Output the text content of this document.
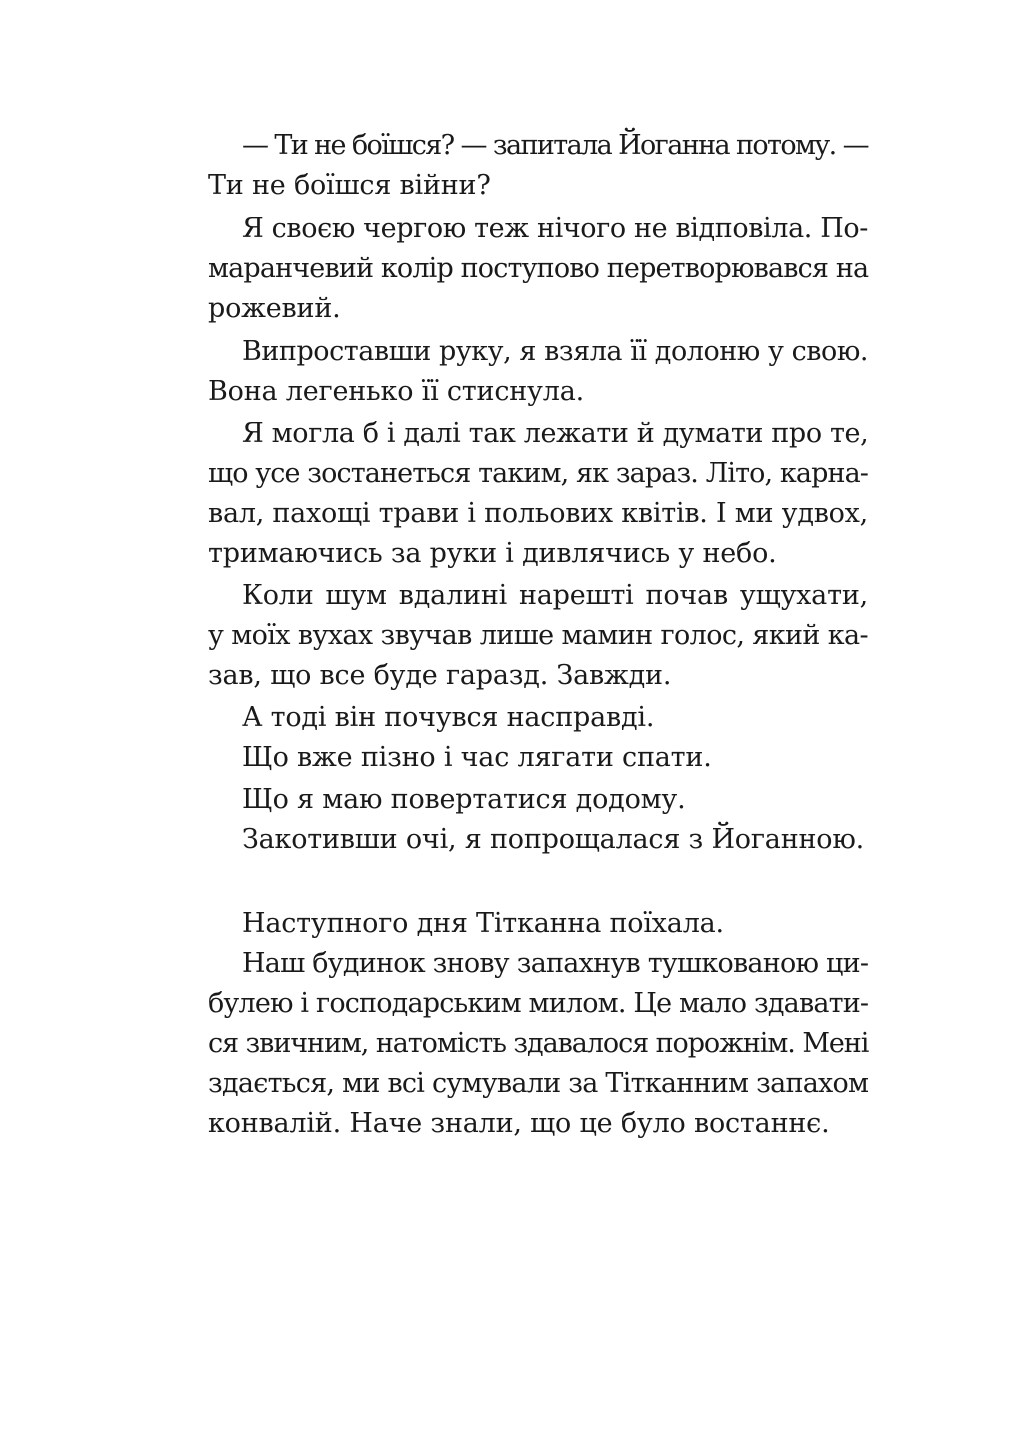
— Ти не боїшся? — запитала Йоганна потому. —
Ти не боїшся війни?
Я своєю чергою теж нічого не відповіла. По-
маранчевий колір поступово перетворювався на
рожевий.
Випроставши руку, я взяла її долоню у свою.
Вона легенько її стиснула.
Я могла б і далі так лежати й думати про те,
що усе зостанеться таким, як зараз. Літо, карна-
вал, пахощі трави і польових квітів. І ми удвох,
тримаючись за руки і дивлячись у небо.
Коли шум вдалині нарешті почав ущухати,
у моїх вухах звучав лише мамин голос, який ка-
зав, що все буде гаразд. Завжди.
А тоді він почувся насправді.
Що вже пізно і час лягати спати.
Що я маю повертатися додому.
Закотивши очі, я попрощалася з Йоганною.
Наступного дня Тітканна поїхала.
Наш будинок знову запахнув тушкованою ци-
булею і господарським милом. Це мало здавати-
ся звичним, натомість здавалося порожнім. Мені
здається, ми всі сумували за Тітканним запахом
конвалій. Наче знали, що це було востаннє.
